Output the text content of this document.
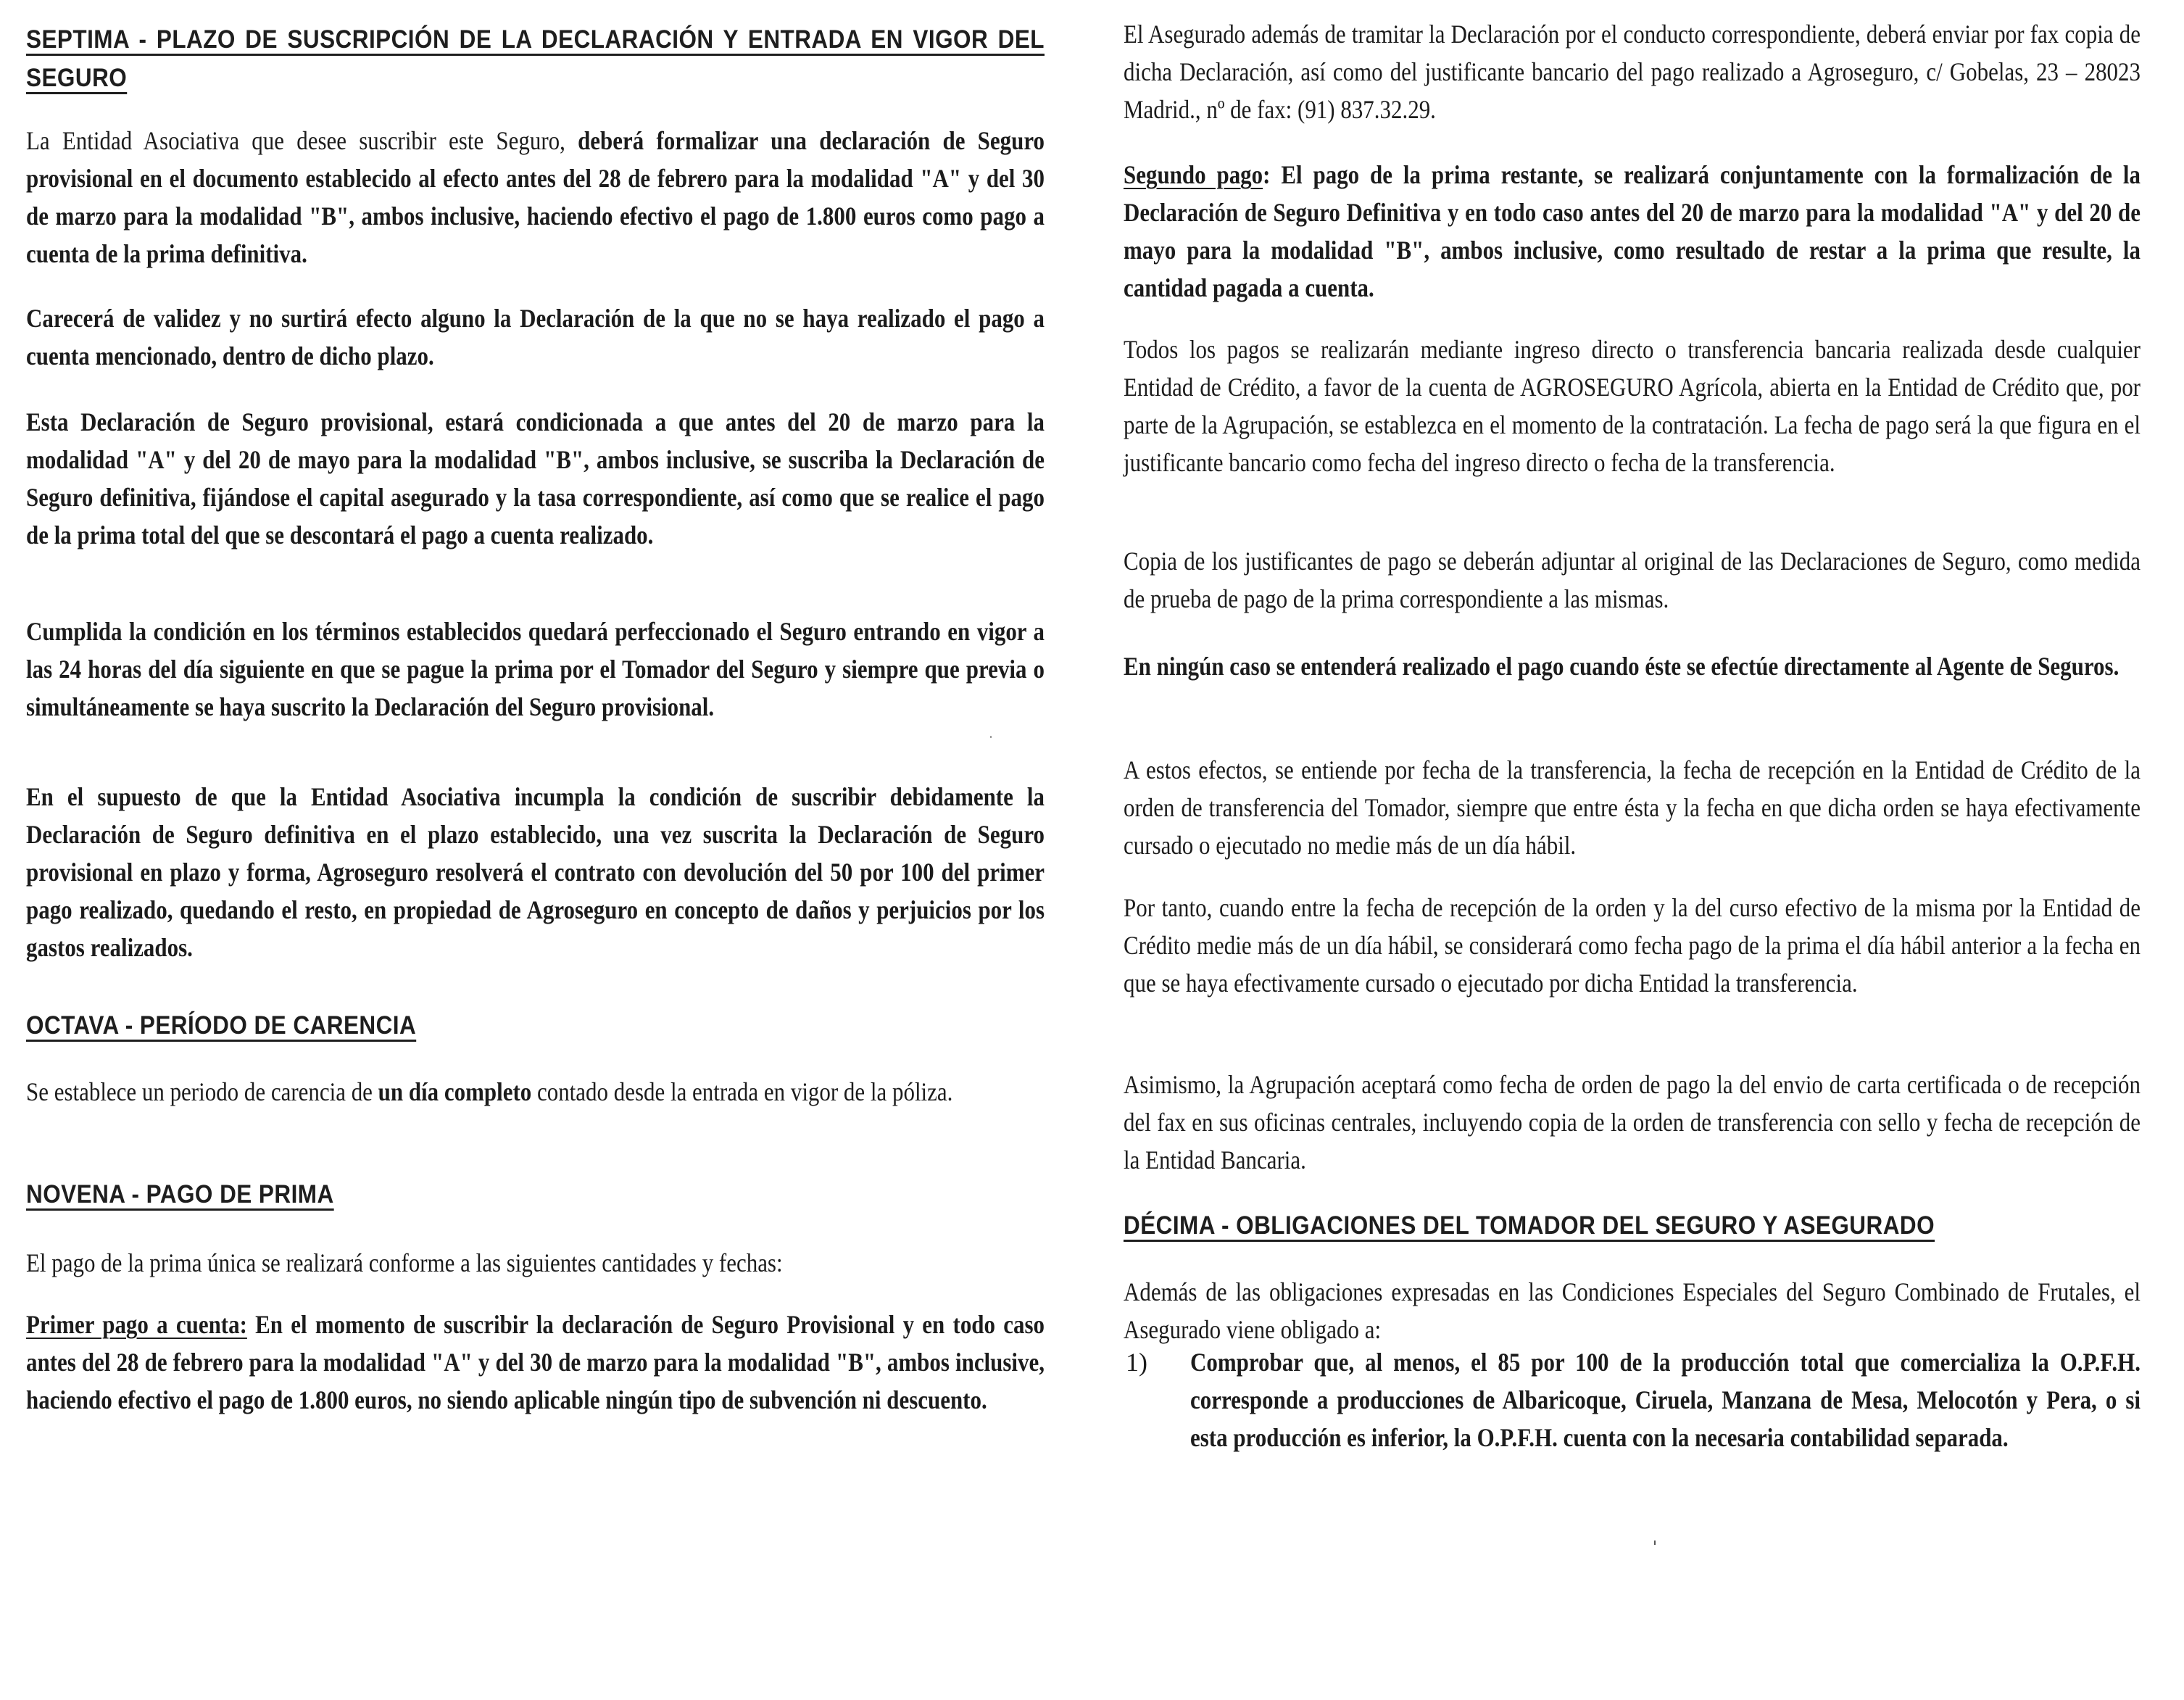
SEPTIMA - PLAZO DE SUSCRIPCIÓN DE LA DECLARACIÓN Y ENTRADA EN VIGOR DEL SEGURO

La Entidad Asociativa que desee suscribir este Seguro, deberá formalizar una declaración de Seguro provisional en el documento establecido al efecto antes del 28 de febrero para la modalidad "A" y del 30 de marzo para la modalidad "B", ambos inclusive, haciendo efectivo el pago de 1.800 euros como pago a cuenta de la prima definitiva.

Carecerá de validez y no surtirá efecto alguno la Declaración de la que no se haya realizado el pago a cuenta mencionado, dentro de dicho plazo.

Esta Declaración de Seguro provisional, estará condicionada a que antes del 20 de marzo para la modalidad "A" y del 20 de mayo para la modalidad "B", ambos inclusive, se suscriba la Declaración de Seguro definitiva, fijándose el capital asegurado y la tasa correspondiente, así como que se realice el pago de la prima total del que se descontará el pago a cuenta realizado.

Cumplida la condición en los términos establecidos quedará perfeccionado el Seguro entrando en vigor a las 24 horas del día siguiente en que se pague la prima por el Tomador del Seguro y siempre que previa o simultáneamente se haya suscrito la Declaración del Seguro provisional.

En el supuesto de que la Entidad Asociativa incumpla la condición de suscribir debidamente la Declaración de Seguro definitiva en el plazo establecido, una vez suscrita la Declaración de Seguro provisional en plazo y forma, Agroseguro resolverá el contrato con devolución del 50 por 100 del primer pago realizado, quedando el resto, en propiedad de Agroseguro en concepto de daños y perjuicios por los gastos realizados.

OCTAVA - PERÍODO DE CARENCIA

Se establece un periodo de carencia de un día completo contado desde la entrada en vigor de la póliza.

NOVENA - PAGO DE PRIMA

El pago de la prima única se realizará conforme a las siguientes cantidades y fechas:

Primer pago a cuenta: En el momento de suscribir la declaración de Seguro Provisional y en todo caso antes del 28 de febrero para la modalidad "A" y del 30 de marzo para la modalidad "B", ambos inclusive, haciendo efectivo el pago de 1.800 euros, no siendo aplicable ningún tipo de subvención ni descuento.

El Asegurado además de tramitar la Declaración por el conducto correspondiente, deberá enviar por fax copia de dicha Declaración, así como del justificante bancario del pago realizado a Agroseguro, c/ Gobelas, 23 – 28023 Madrid., nº de fax: (91) 837.32.29.

Segundo pago: El pago de la prima restante, se realizará conjuntamente con la formalización de la Declaración de Seguro Definitiva y en todo caso antes del 20 de marzo para la modalidad "A" y del 20 de mayo para la modalidad "B", ambos inclusive, como resultado de restar a la prima que resulte, la cantidad pagada a cuenta.

Todos los pagos se realizarán mediante ingreso directo o transferencia bancaria realizada desde cualquier Entidad de Crédito, a favor de la cuenta de AGROSEGURO Agrícola, abierta en la Entidad de Crédito que, por parte de la Agrupación, se establezca en el momento de la contratación. La fecha de pago será la que figura en el justificante bancario como fecha del ingreso directo o fecha de la transferencia.

Copia de los justificantes de pago se deberán adjuntar al original de las Declaraciones de Seguro, como medida de prueba de pago de la prima correspondiente a las mismas.

En ningún caso se entenderá realizado el pago cuando éste se efectúe directamente al Agente de Seguros.

A estos efectos, se entiende por fecha de la transferencia, la fecha de recepción en la Entidad de Crédito de la orden de transferencia del Tomador, siempre que entre ésta y la fecha en que dicha orden se haya efectivamente cursado o ejecutado no medie más de un día hábil.

Por tanto, cuando entre la fecha de recepción de la orden y la del curso efectivo de la misma por la Entidad de Crédito medie más de un día hábil, se considerará como fecha pago de la prima el día hábil anterior a la fecha en que se haya efectivamente cursado o ejecutado por dicha Entidad la transferencia.

Asimismo, la Agrupación aceptará como fecha de orden de pago la del envio de carta certificada o de recepción del fax en sus oficinas centrales, incluyendo copia de la orden de transferencia con sello y fecha de recepción de la Entidad Bancaria.

DÉCIMA - OBLIGACIONES DEL TOMADOR DEL SEGURO Y ASEGURADO

Además de las obligaciones expresadas en las Condiciones Especiales del Seguro Combinado de Frutales, el Asegurado viene obligado a:

1) Comprobar que, al menos, el 85 por 100 de la producción total que comercializa la O.P.F.H. corresponde a producciones de Albaricoque, Ciruela, Manzana de Mesa, Melocotón y Pera, o si esta producción es inferior, la O.P.F.H. cuenta con la necesaria contabilidad separada.
